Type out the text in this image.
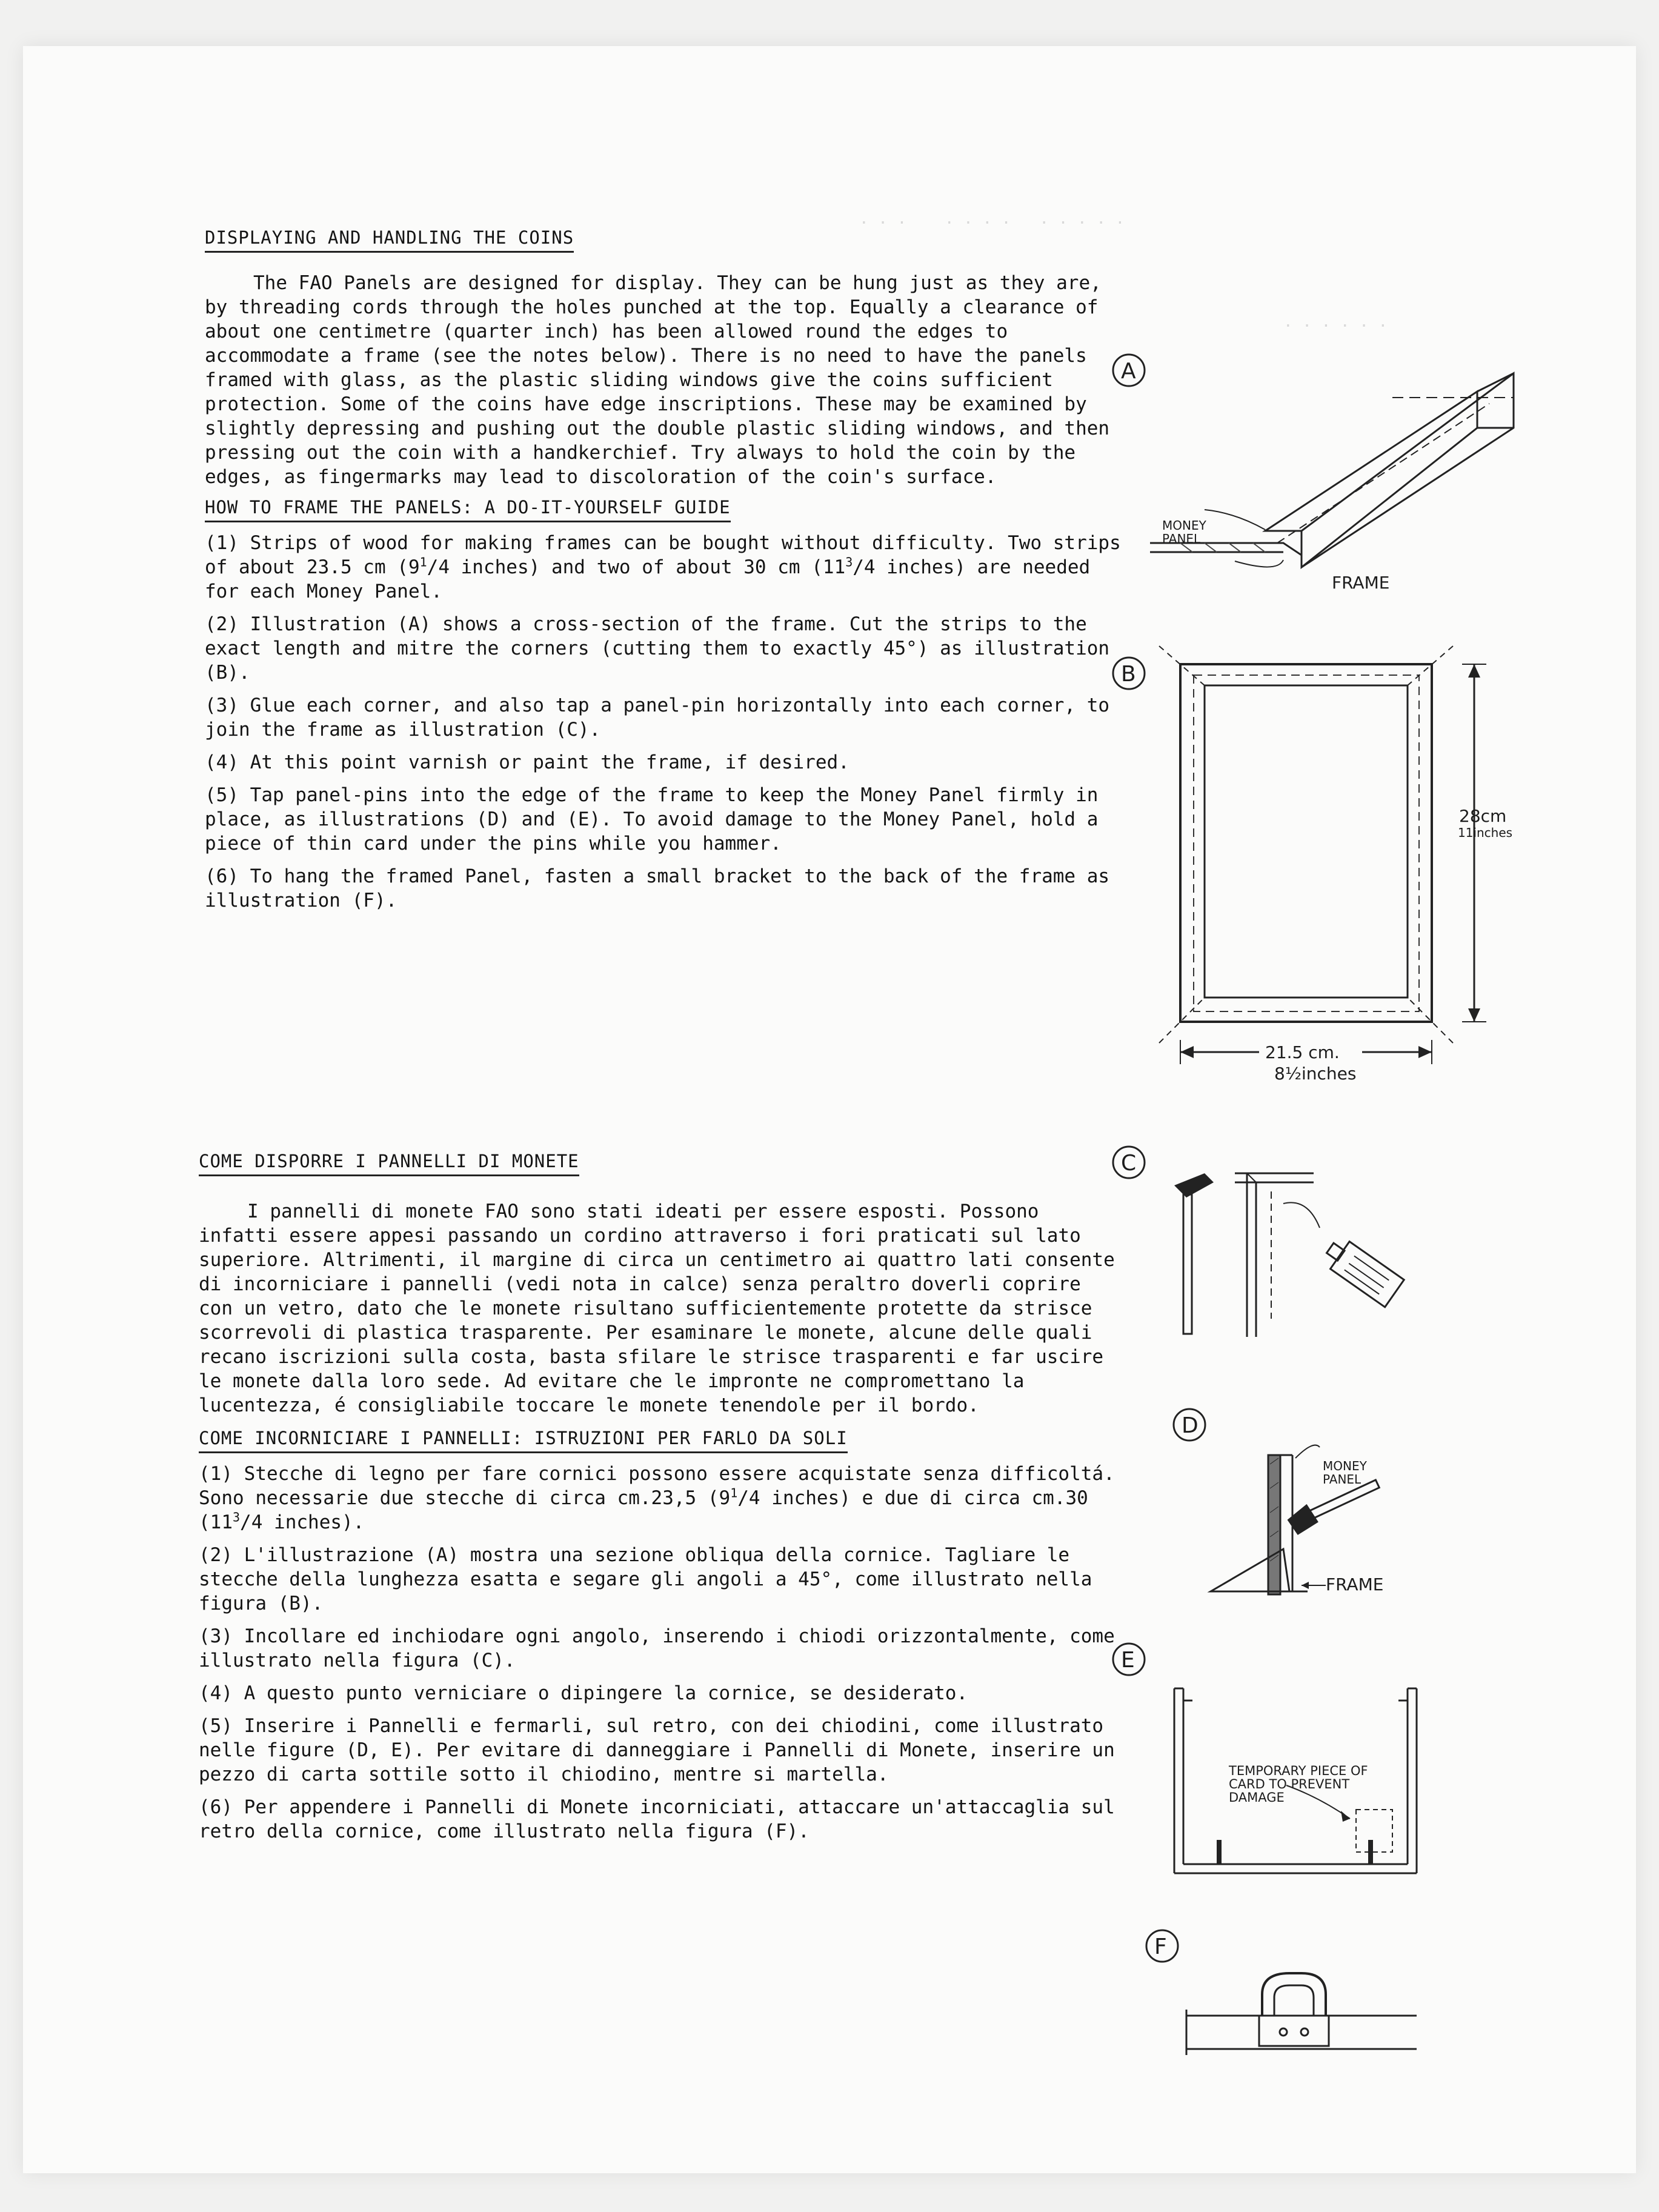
. . .    . . . .   . . . . .
. . . . . .
DISPLAYING AND HANDLING THE COINS

The FAO Panels are designed for display. They can be hung just as they are, by threading cords through the holes punched at the top. Equally a clearance of about one centimetre (quarter inch) has been allowed round the edges to accommodate a frame (see the notes below). There is no need to have the panels framed with glass, as the plastic sliding windows give the coins sufficient protection. Some of the coins have edge inscriptions. These may be examined by slightly depressing and pushing out the double plastic sliding windows, and then pressing out the coin with a handkerchief. Try always to hold the coin by the edges, as fingermarks may lead to discoloration of the coin's surface.

HOW TO FRAME THE PANELS: A DO-IT-YOURSELF GUIDE

(1) Strips of wood for making frames can be bought without difficulty. Two strips of about 23.5 cm ($9^1/4$ inches) and two of about 30 cm ($11^3/4$ inches) are needed for each Money Panel.

(2) Illustration (A) shows a cross-section of the frame. Cut the strips to the exact length and mitre the corners (cutting them to exactly 45°) as illustration (B).

(3) Glue each corner, and also tap a panel-pin horizontally into each corner, to join the frame as illustration (C).

(4) At this point varnish or paint the frame, if desired.

(5) Tap panel-pins into the edge of the frame to keep the Money Panel firmly in place, as illustrations (D) and (E). To avoid damage to the Money Panel, hold a piece of thin card under the pins while you hammer.

(6) To hang the framed Panel, fasten a small bracket to the back of the frame as illustration (F).

COME DISPORRE I PANNELLI DI MONETE

I pannelli di monete FAO sono stati ideati per essere esposti. Possono infatti essere appesi passando un cordino attraverso i fori praticati sul lato superiore. Altrimenti, il margine di circa un centimetro ai quattro lati consente di incorniciare i pannelli (vedi nota in calce) senza peraltro doverli coprire con un vetro, dato che le monete risultano sufficientemente protette da strisce scorrevoli di plastica trasparente. Per esaminare le monete, alcune delle quali recano iscrizioni sulla costa, basta sfilare le strisce trasparenti e far uscire le monete dalla loro sede. Ad evitare che le impronte ne compromettano la lucentezza, é consigliabile toccare le monete tenendole per il bordo.

COME INCORNICIARE I PANNELLI: ISTRUZIONI PER FARLO DA SOLI

(1) Stecche di legno per fare cornici possono essere acquistate senza difficoltá. Sono necessarie due stecche di circa cm.23,5 ($9^1/4$ inches) e due di circa cm.30 ($11^3/4$ inches).

(2) L'illustrazione (A) mostra una sezione obliqua della cornice. Tagliare le stecche della lunghezza esatta e segare gli angoli a 45°, come illustrato nella figura (B).

(3) Incollare ed inchiodare ogni angolo, inserendo i chiodi orizzontalmente, come illustrato nella figura (C).

(4) A questo punto verniciare o dipingere la cornice, se desiderato.

(5) Inserire i Pannelli e fermarli, sul retro, con dei chiodini, come illustrato nelle figure (D, E). Per evitare di danneggiare i Pannelli di Monete, inserire un pezzo di carta sottile sotto il chiodino, mentre si martella.

(6) Per appendere i Pannelli di Monete incorniciati, attaccare un'attaccaglia sul retro della cornice, come illustrato nella figura (F).

A
FRAME
MONEY PANEL
B
28cm
11inches
21.5 cm.
8½inches
C
D
FRAME
MONEY PANEL
E
TEMPORARY PIECE OF CARD TO PREVENT DAMAGE
F
